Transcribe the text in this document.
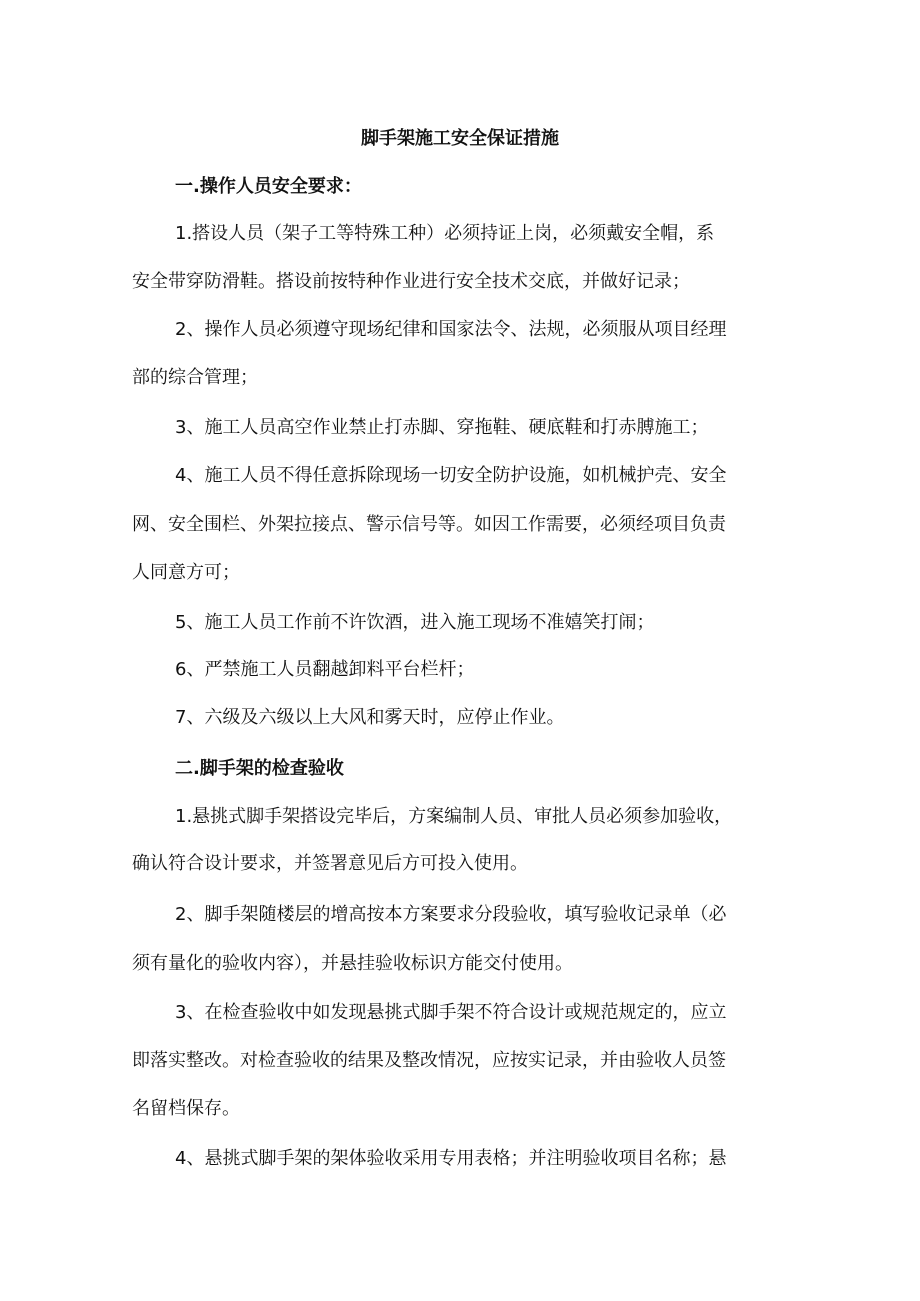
脚手架施工安全保证措施
一.操作人员安全要求：
1.搭设人员（架子工等特殊工种）必须持证上岗，必须戴安全帽，系
安全带穿防滑鞋。搭设前按特种作业进行安全技术交底，并做好记录；
2、操作人员必须遵守现场纪律和国家法令、法规，必须服从项目经理
部的综合管理；
3、施工人员高空作业禁止打赤脚、穿拖鞋、硬底鞋和打赤膊施工；
4、施工人员不得任意拆除现场一切安全防护设施，如机械护壳、安全
网、安全围栏、外架拉接点、警示信号等。如因工作需要，必须经项目负责
人同意方可；
5、施工人员工作前不许饮酒，进入施工现场不准嬉笑打闹；
6、严禁施工人员翻越卸料平台栏杆；
7、六级及六级以上大风和雾天时，应停止作业。
二.脚手架的检查验收
1.悬挑式脚手架搭设完毕后，方案编制人员、审批人员必须参加验收，
确认符合设计要求，并签署意见后方可投入使用。
2、脚手架随楼层的增高按本方案要求分段验收，填写验收记录单（必
须有量化的验收内容），并悬挂验收标识方能交付使用。
3、在检查验收中如发现悬挑式脚手架不符合设计或规范规定的，应立
即落实整改。对检查验收的结果及整改情况，应按实记录，并由验收人员签
名留档保存。
4、悬挑式脚手架的架体验收采用专用表格；并注明验收项目名称；悬
